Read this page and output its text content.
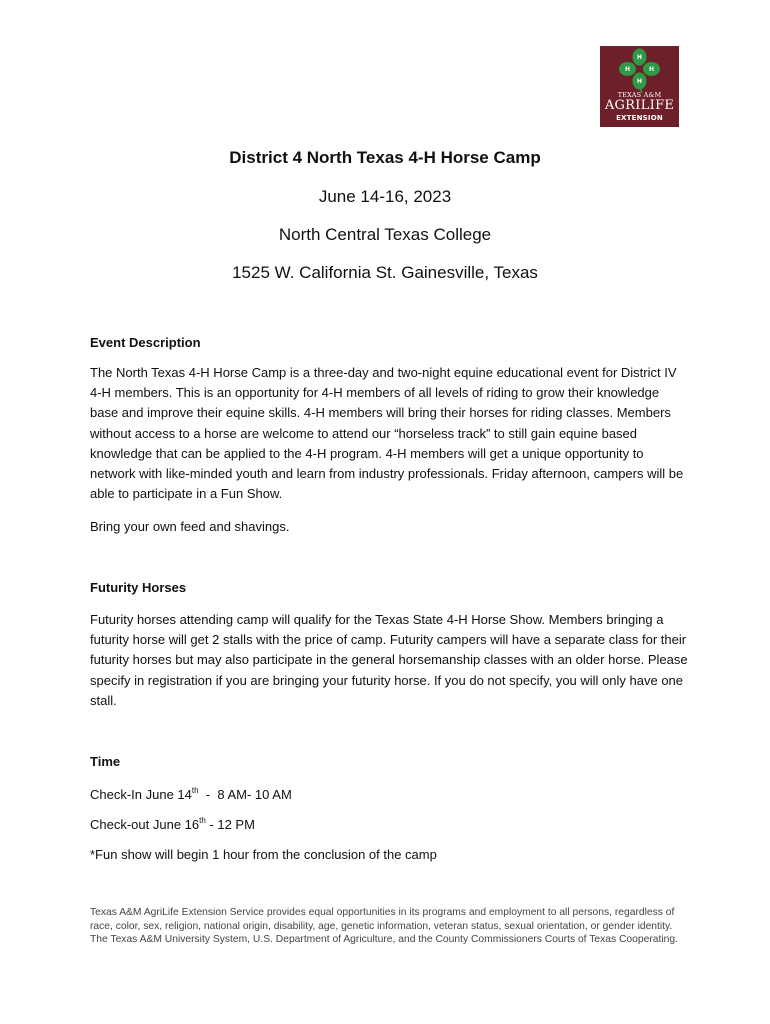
H
H	H
H
TEXAS A&M
AGRILIFE
EXTENSION
District 4 North Texas 4-H Horse Camp
June 14-16, 2023
North Central Texas College
1525 W. California St. Gainesville, Texas
Event Description
The North Texas 4-H Horse Camp is a three-day and two-night equine educational event for District IV 4-H members. This is an opportunity for 4-H members of all levels of riding to grow their knowledge base and improve their equine skills. 4-H members will bring their horses for riding classes. Members without access to a horse are welcome to attend our “horseless track” to still gain equine based knowledge that can be applied to the 4-H program. 4-H members will get a unique opportunity to network with like-minded youth and learn from industry professionals. Friday afternoon, campers will be able to participate in a Fun Show.
Bring your own feed and shavings.
Futurity Horses
Futurity horses attending camp will qualify for the Texas State 4-H Horse Show. Members bringing a futurity horse will get 2 stalls with the price of camp. Futurity campers will have a separate class for their futurity horses but may also participate in the general horsemanship classes with an older horse. Please specify in registration if you are bringing your futurity horse. If you do not specify, you will only have one stall.
Time
Check-In June 14th  -  8 AM- 10 AM
Check-out June 16th - 12 PM
*Fun show will begin 1 hour from the conclusion of the camp
Texas A&M AgriLife Extension Service provides equal opportunities in its programs and employment to all persons, regardless of race, color, sex, religion, national origin, disability, age, genetic information, veteran status, sexual orientation, or gender identity. The Texas A&M University System, U.S. Department of Agriculture, and the County Commissioners Courts of Texas Cooperating.
